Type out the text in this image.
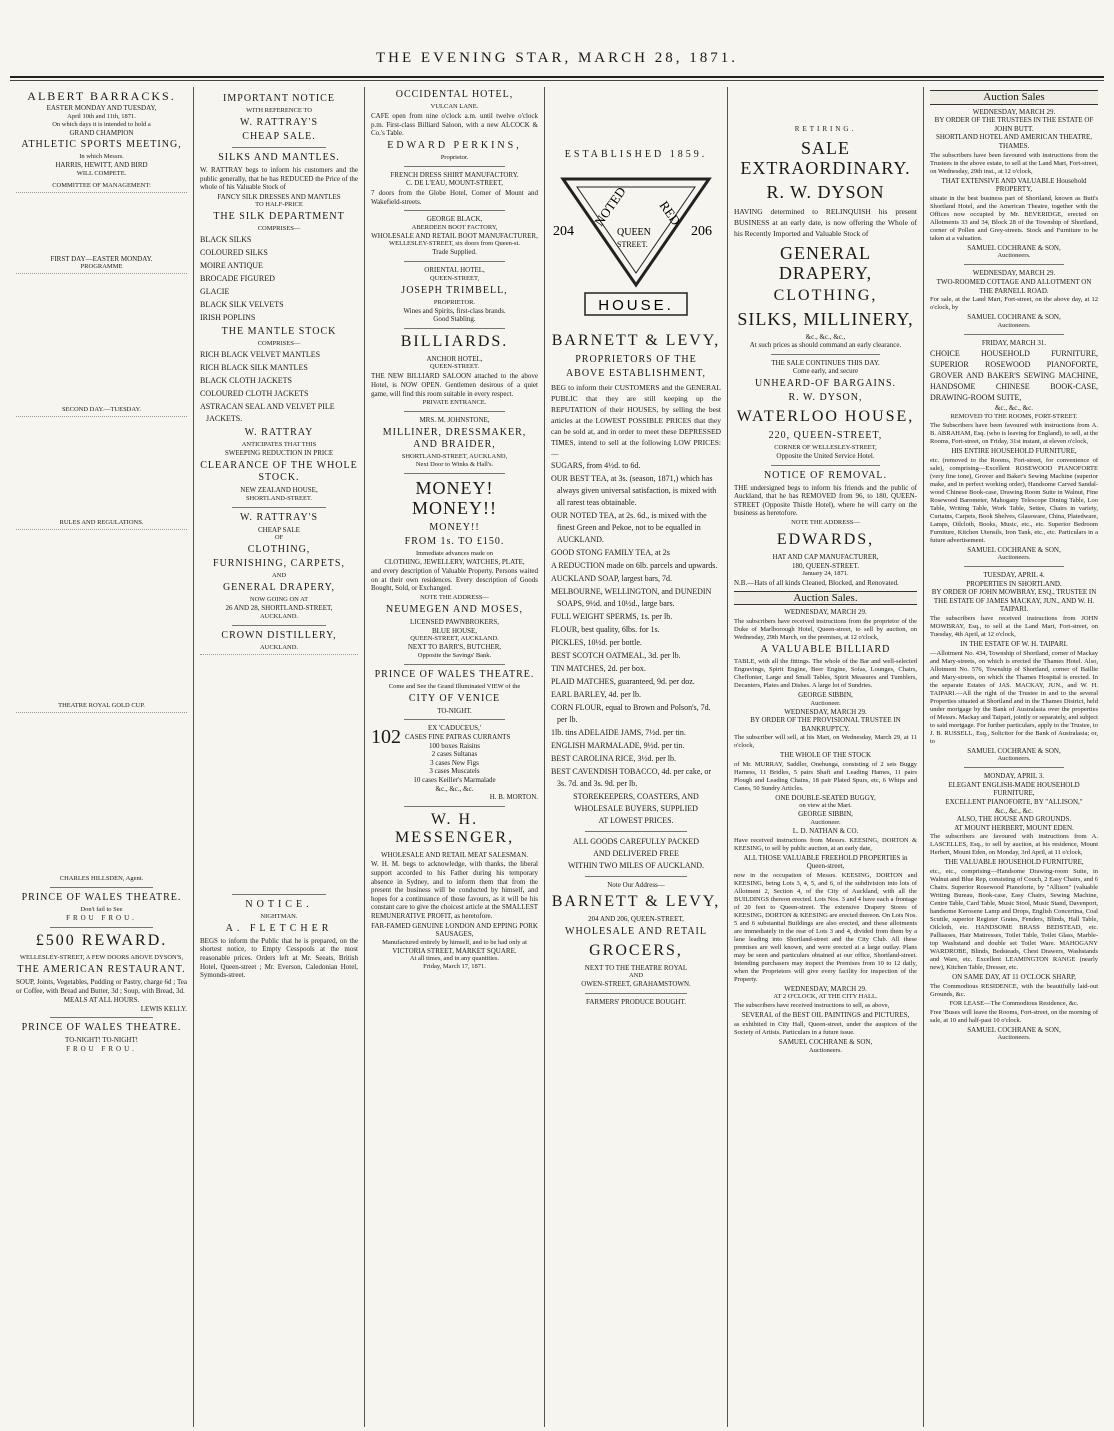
THE EVENING STAR, MARCH 28, 1871.
ALBERT BARRACKS.
EASTER MONDAY AND TUESDAY,
April 10th and 11th, 1871.
On which days it is intended to hold a
GRAND CHAMPION
ATHLETIC SPORTS MEETING,
In which Messrs.
HARRIS, HEWITT, AND BIRD
WILL COMPETE.
COMMITTEE OF MANAGEMENT:
FIRST DAY—EASTER MONDAY.
PROGRAMME
SECOND DAY.—TUESDAY.
RULES AND REGULATIONS.
THEATRE ROYAL GOLD CUP.
CHARLES HILLSDEN, Agent.
PRINCE OF WALES THEATRE.
Don't fail to See
FROU FROU.
£500 REWARD.
WELLESLEY-STREET, A FEW DOORS ABOVE DYSON'S,
THE AMERICAN RESTAURANT.
SOUP, Joints, Vegetables, Pudding or Pastry, charge 6d ; Tea or Coffee, with Bread and Butter, 3d ; Soup, with Bread, 3d.
MEALS AT ALL HOURS.
LEWIS KELLY.
PRINCE OF WALES THEATRE.
TO-NIGHT! TO-NIGHT!
FROU FROU.
IMPORTANT NOTICE
WITH REFERENCE TO
W. RATTRAY'S
CHEAP SALE.
SILKS AND MANTLES.
W. RATTRAY begs to inform his customers and the public generally, that he has REDUCED the Price of the whole of his Valuable Stock of
FANCY SILK DRESSES AND MANTLES
TO HALF-PRICE
THE SILK DEPARTMENT
COMPRISES—
BLACK SILKS
COLOURED SILKS
MOIRE ANTIQUE
BROCADE FIGURED
GLACIE
BLACK SILK VELVETS
IRISH POPLINS
THE MANTLE STOCK
COMPRISES—
RICH BLACK VELVET MANTLES
RICH BLACK SILK MANTLES
BLACK CLOTH JACKETS
COLOURED CLOTH JACKETS
ASTRACAN SEAL AND VELVET PILE JACKETS.
W. RATTRAY
ANTICIPATES THAT THIS
SWEEPING REDUCTION IN PRICE
CLEARANCE OF THE WHOLE STOCK.
NEW ZEALAND HOUSE,
SHORTLAND-STREET.
W. RATTRAY'S
CHEAP SALE
OF
CLOTHING,
FURNISHING, CARPETS,
AND
GENERAL DRAPERY,
NOW GOING ON AT
26 AND 28, SHORTLAND-STREET,
AUCKLAND.
CROWN DISTILLERY,
AUCKLAND.
NOTICE.
NIGHTMAN.
A. FLETCHER
BEGS to inform the Public that he is prepared, on the shortest notice, to Empty Cesspools at the most reasonable prices. Orders left at Mr. Seeats, British Hotel, Queen-street ; Mr. Everson, Caledonian Hotel, Symonds-street.
OCCIDENTAL HOTEL,
VULCAN LANE.
CAFE open from nine o'clock a.m. until twelve o'clock p.m. First-class Billiard Saloon, with a new ALCOCK & Co.'s Table.
EDWARD PERKINS,
Proprietor.
FRENCH DRESS SHIRT MANUFACTORY.
C. DE L'EAU, MOUNT-STREET,
7 doors from the Globe Hotel, Corner of Mount and Wakefield-streets.
GEORGE BLACK,
ABERDEEN BOOT FACTORY,
WHOLESALE AND RETAIL BOOT MANUFACTURER,
WELLESLEY-STREET, six doors from Queen-st.
Trade Supplied.
ORIENTAL HOTEL,
QUEEN-STREET,
JOSEPH TRIMBELL,
PROPRIETOR.
Wines and Spirits, first-class brands.
Good Stabling.
BILLIARDS.
ANCHOR HOTEL,
QUEEN-STREET.
THE NEW BILLIARD SALOON attached to the above Hotel, is NOW OPEN. Gentlemen desirous of a quiet game, will find this room suitable in every respect.
PRIVATE ENTRANCE.
MRS. M. JOHNSTONE,
MILLINER, DRESSMAKER, AND BRAIDER,
SHORTLAND-STREET, AUCKLAND,
Next Door to Winks & Hall's.
MONEY! MONEY!!
MONEY!!
FROM 1s. TO £150.
Immediate advances made on
CLOTHING, JEWELLERY, WATCHES, PLATE,
and every description of Valuable Property. Persons waited on at their own residences. Every description of Goods Bought, Sold, or Exchanged.
NOTE THE ADDRESS—
NEUMEGEN AND MOSES,
LICENSED PAWNBROKERS,
BLUE HOUSE,
QUEEN-STREET, AUCKLAND.
NEXT TO BARR'S, BUTCHER,
Opposite the Savings' Bank.
PRINCE OF WALES THEATRE.
Come and See the Grand Illuminated VIEW of the
CITY OF VENICE
TO-NIGHT.
EX 'CADUCEUS,'
102 CASES FINE PATRAS CURRANTS
100 boxes Raisins
2 cases Sultanas
3 cases New Figs
3 cases Muscatels
10 cases Keiller's Marmalade
&c., &c., &c.
H. B. MORTON.
W. H. MESSENGER,
WHOLESALE AND RETAIL MEAT SALESMAN.
W. H. M. begs to acknowledge, with thanks, the liberal support accorded to his Father during his temporary absence in Sydney, and to inform them that from the present the business will be conducted by himself, and hopes for a continuance of those favours, as it will be his constant care to give the choicest article at the SMALLEST REMUNERATIVE PROFIT, as heretofore.
FAR-FAMED GENUINE LONDON AND EPPING PORK SAUSAGES,
Manufactured entirely by himself, and to be had only at
VICTORIA STREET, MARKET SQUARE.
At all times, and in any quantities.
Friday, March 17, 1871.
ESTABLISHED 1859.
204	206
NOTED RED
QUEEN
STREET.
HOUSE.
BARNETT & LEVY,
PROPRIETORS OF THE
ABOVE ESTABLISHMENT,
BEG to inform their CUSTOMERS and the GENERAL PUBLIC that they are still keeping up the REPUTATION of their HOUSES, by selling the best articles at the LOWEST POSSIBLE PRICES that they can be sold at, and in order to meet these DEPRESSED TIMES, intend to sell at the following LOW PRICES:—
SUGARS, from 4½d. to 6d.
OUR BEST TEA, at 3s. (season, 1871,) which has always given universal satisfaction, is mixed with all rarest teas obtainable.
OUR NOTED TEA, at 2s. 6d., is mixed with the finest Green and Pekoe, not to be equalled in AUCKLAND.
GOOD STONG FAMILY TEA, at 2s
A REDUCTION made on 6lb. parcels and upwards.
AUCKLAND SOAP, largest bars, 7d.
MELBOURNE, WELLINGTON, and DUNEDIN SOAPS, 9½d. and 10½d., large bars.
FULL WEIGHT SPERMS, 1s. per lb.
FLOUR, best quality, 6lbs. for 1s.
PICKLES, 10½d. per bottle.
BEST SCOTCH OATMEAL, 3d. per lb.
TIN MATCHES, 2d. per box.
PLAID MATCHES, guaranteed, 9d. per doz.
EARL BARLEY, 4d. per lb.
CORN FLOUR, equal to Brown and Polson's, 7d. per lb.
1lb. tins ADELAIDE JAMS, 7½d. per tin.
ENGLISH MARMALADE, 9½d. per tin.
BEST CAROLINA RICE, 3½d. per lb.
BEST CAVENDISH TOBACCO, 4d. per cake, or 3s. 7d. and 3s. 9d. per lb.
STOREKEEPERS, COASTERS, AND
WHOLESALE BUYERS, SUPPLIED
AT LOWEST PRICES.
ALL GOODS CAREFULLY PACKED
AND DELIVERED FREE
WITHIN TWO MILES OF AUCKLAND.
Note Our Address—
BARNETT & LEVY,
204 AND 206, QUEEN-STREET,
WHOLESALE AND RETAIL
GROCERS,
NEXT TO THE THEATRE ROYAL
AND
OWEN-STREET, GRAHAMSTOWN.
FARMERS' PRODUCE BOUGHT.
RETIRING.
SALE EXTRAORDINARY.
R. W. DYSON
HAVING determined to RELINQUISH his present BUSINESS at an early date, is now offering the Whole of his Recently Imported and Valuable Stock of
GENERAL DRAPERY,
CLOTHING,
SILKS, MILLINERY,
&c., &c., &c.,
At such prices as should command an early clearance.
THE SALE CONTINUES THIS DAY.
Come early, and secure
UNHEARD-OF BARGAINS.
R. W. DYSON,
WATERLOO HOUSE,
220, QUEEN-STREET,
CORNER OF WELLESLEY-STREET,
Opposite the United Service Hotel.
NOTICE OF REMOVAL.
THE undersigned begs to inform his friends and the public of Auckland, that he has REMOVED from 96, to 180, QUEEN-STREET (Opposite Thistle Hotel), where he will carry on the business as heretofore.
NOTE THE ADDRESS—
EDWARDS,
HAT AND CAP MANUFACTURER,
180, QUEEN-STREET.
January 24, 1871.
N.B.—Hats of all kinds Cleaned, Blocked, and Renovated.
Auction Sales.
WEDNESDAY, MARCH 29.
The subscribers have received instructions from the proprietor of the Duke of Marlborough Hotel, Queen-street, to sell by auction, on Wednesday, 29th March, on the premises, at 12 o'clock,
A VALUABLE BILLIARD
TABLE, with all the fittings. The whole of the Bar and well-selected Engravings, Spirit Engine, Beer Engine, Sofas, Lounges, Chairs, Cheffonier, Large and Small Tables, Spirit Measures and Tumblers, Decanters, Plates and Dishes. A large lot of Sundries.
GEORGE SIBBIN,
Auctioneer.
WEDNESDAY, MARCH 29.
BY ORDER OF THE PROVISIONAL TRUSTEE IN BANKRUPTCY.
The subscriber will sell, at his Mart, on Wednesday, March 29, at 11 o'clock,
THE WHOLE OF THE STOCK
of Mr. MURRAY, Saddler, Onehunga, consisting of 2 sets Buggy Harness, 11 Bridles, 5 pairs Shaft and Leading Hames, 11 pairs Plough and Leading Chains, 18 pair Plated Spurs, etc, 6 Whips and Canes, 50 Sundry Articles.
ONE DOUBLE-SEATED BUGGY,
on view at the Mart.
GEORGE SIBBIN,
Auctioneer.
L. D. NATHAN & CO.
Have received instructions from Messrs. KEESING, DORTON & KEESING, to sell by public auction, at an early date,
ALL THOSE VALUABLE FREEHOLD PROPERTIES in Queen-street,
now in the occupation of Messrs. KEESING, DORTON and KEESING, being Lots 3, 4, 5, and 6, of the subdivision into lots of Allotment 2, Section 4, of the City of Auckland, with all the BUILDINGS thereon erected. Lots Nos. 3 and 4 have each a frontage of 20 feet to Queen-street. The extensive Drapery Stores of KEESING, DORTON & KEESING are erected thereon. On Lots Nos. 5 and 6 substantial Buildings are also erected, and these allotments are immediately in the rear of Lots 3 and 4, divided from them by a lane leading into Shortland-street and the City Club. All these premises are well known, and were erected at a large outlay. Plans may be seen and particulars obtained at our office, Shortland-street. Intending purchasers may inspect the Premises from 10 to 12 daily, when the Proprietors will give every facility for inspection of the Property.
WEDNESDAY, MARCH 29.
AT 2 O'CLOCK, AT THE CITY HALL.
The subscribers have received instructions to sell, as above,
SEVERAL of the BEST OIL PAINTINGS and PICTURES,
as exhibited in City Hall, Queen-street, under the auspices of the Society of Artists. Particulars in a future issue.
SAMUEL COCHRANE & SON,
Auctioneers.
Auction Sales
WEDNESDAY, MARCH 29.
BY ORDER OF THE TRUSTEES IN THE ESTATE OF JOHN BUTT.
SHORTLAND HOTEL AND AMERICAN THEATRE, THAMES.
The subscribers have been favoured with instructions from the Trustees in the above estate, to sell at the Land Mart, Fort-street, on Wednesday, 29th inst., at 12 o'clock,
THAT EXTENSIVE AND VALUABLE Household PROPERTY,
situate in the best business part of Shortland, known as Butt's Shortland Hotel, and the American Theatre, together with the Offices now occupied by Mr. BEVERIDGE, erected on Allotments 33 and 34, Block 28 of the Township of Shortland, corner of Pollen and Grey-streets. Stock and Furniture to be taken at a valuation.
SAMUEL COCHRANE & SON,
Auctioneers.
WEDNESDAY, MARCH 29.
TWO-ROOMED COTTAGE AND ALLOTMENT ON THE PARNELL ROAD.
For sale, at the Land Mart, Fort-street, on the above day, at 12 o'clock, by
SAMUEL COCHRANE & SON,
Auctioneers.
FRIDAY, MARCH 31.
CHOICE HOUSEHOLD FURNITURE, SUPERIOR ROSEWOOD PIANOFORTE, GROVER AND BAKER'S SEWING MACHINE, HANDSOME CHINESE BOOK-CASE, DRAWING-ROOM SUITE,
&c., &c., &c.
REMOVED TO THE ROOMS, FORT-STREET.
The Subscribers have been favoured with instructions from A. B. ABRAHAM, Esq. (who is leaving for England), to sell, at the Rooms, Fort-street, on Friday, 31st instant, at eleven o'clock,
HIS ENTIRE HOUSEHOLD FURNITURE,
etc. (removed to the Rooms, Fort-street, for convenience of sale), comprising—Excellent ROSEWOOD PIANOFORTE (very fine tone), Grover and Baker's Sewing Machine (superior make, and in perfect working order), Handsome Carved Sandal-wood Chinese Book-case, Drawing Room Suite in Walnut, Fine Rosewood Barometer, Mahogany Telescope Dining Table, Loo Table, Writing Table, Work Table, Settee, Chairs in variety, Curtains, Carpets, Book Shelves, Glassware, China, Platedware, Lamps, Oilcloth, Books, Music, etc., etc. Superior Bedroom Furniture, Kitchen Utensils, Iron Tank, etc., etc. Particulars in a future advertisement.
SAMUEL COCHRANE & SON,
Auctioneers.
TUESDAY, APRIL 4.
PROPERTIES IN SHORTLAND.
BY ORDER OF JOHN MOWBRAY, ESQ., TRUSTEE IN THE ESTATE OF JAMES MACKAY, JUN., AND W. H. TAIPARI.
The subscribers have received instructions from JOHN MOWBRAY, Esq., to sell at the Land Mart, Fort-street, on Tuesday, 4th April, at 12 o'clock,
IN THE ESTATE OF W. H. TAIPARI.
—Allotment No. 434, Township of Shortland, corner of Mackay and Mary-streets, on which is erected the Thames Hotel. Also, Allotment No. 576, Township of Shortland, corner of Baillie and Mary-streets, on which the Thames Hospital is erected. In the separate Estates of JAS. MACKAY, JUN., and W. H. TAIPARI.—All the right of the Trustee in and to the several Properties situated at Shortland and in the Thames District, held under mortgage by the Bank of Australasia over the properties of Messrs. Mackay and Taipari, jointly or separately, and subject to said mortgage. For further particulars, apply to the Trustee, to J. B. RUSSELL, Esq., Solicitor for the Bank of Australasia; or, to
SAMUEL COCHRANE & SON,
Auctioneers.
MONDAY, APRIL 3.
ELEGANT ENGLISH-MADE HOUSEHOLD FURNITURE,
EXCELLENT PIANOFORTE, BY "ALLISON,"
&c., &c., &c.
ALSO, THE HOUSE AND GROUNDS.
AT MOUNT HERBERT, MOUNT EDEN.
The subscribers are favoured with instructions from A. LASCELLES, Esq., to sell by auction, at his residence, Mount Herbert, Mount Eden, on Monday, 3rd April, at 11 o'clock,
THE VALUABLE HOUSEHOLD FURNITURE,
etc., etc., comprising—Handsome Drawing-room Suite, in Walnut and Blue Rep, consisting of Couch, 2 Easy Chairs, and 6 Chairs. Superior Rosewood Pianoforte, by "Allison" (valuable Writing Bureau, Book-case, Easy Chairs, Sewing Machine, Centre Table, Card Table, Music Stool, Music Stand, Davenport, handsome Kerosene Lamp and Drops, English Concertina, Coal Scuttle, superior Register Grates, Fenders, Blinds, Hall Table, Oilcloth, etc. HANDSOME BRASS BEDSTEAD, etc. Palliasses, Hair Mattresses, Toilet Table, Toilet Glass, Marble-top Washstand and double set Toilet Ware. MAHOGANY WARDROBE, Blinds, Bedsteads, Chest Drawers, Washstands and Ware, etc. Excellent LEAMINGTON RANGE (nearly new), Kitchen Table, Dresser, etc.
ON SAME DAY, AT 11 O'CLOCK SHARP,
The Commodious RESIDENCE, with the beautifully laid-out Grounds, &c.
FOR LEASE—The Commodious Residence, &c.
Free 'Buses will leave the Rooms, Fort-street, on the morning of sale, at 10 and half-past 10 o'clock.
SAMUEL COCHRANE & SON,
Auctioneers.
